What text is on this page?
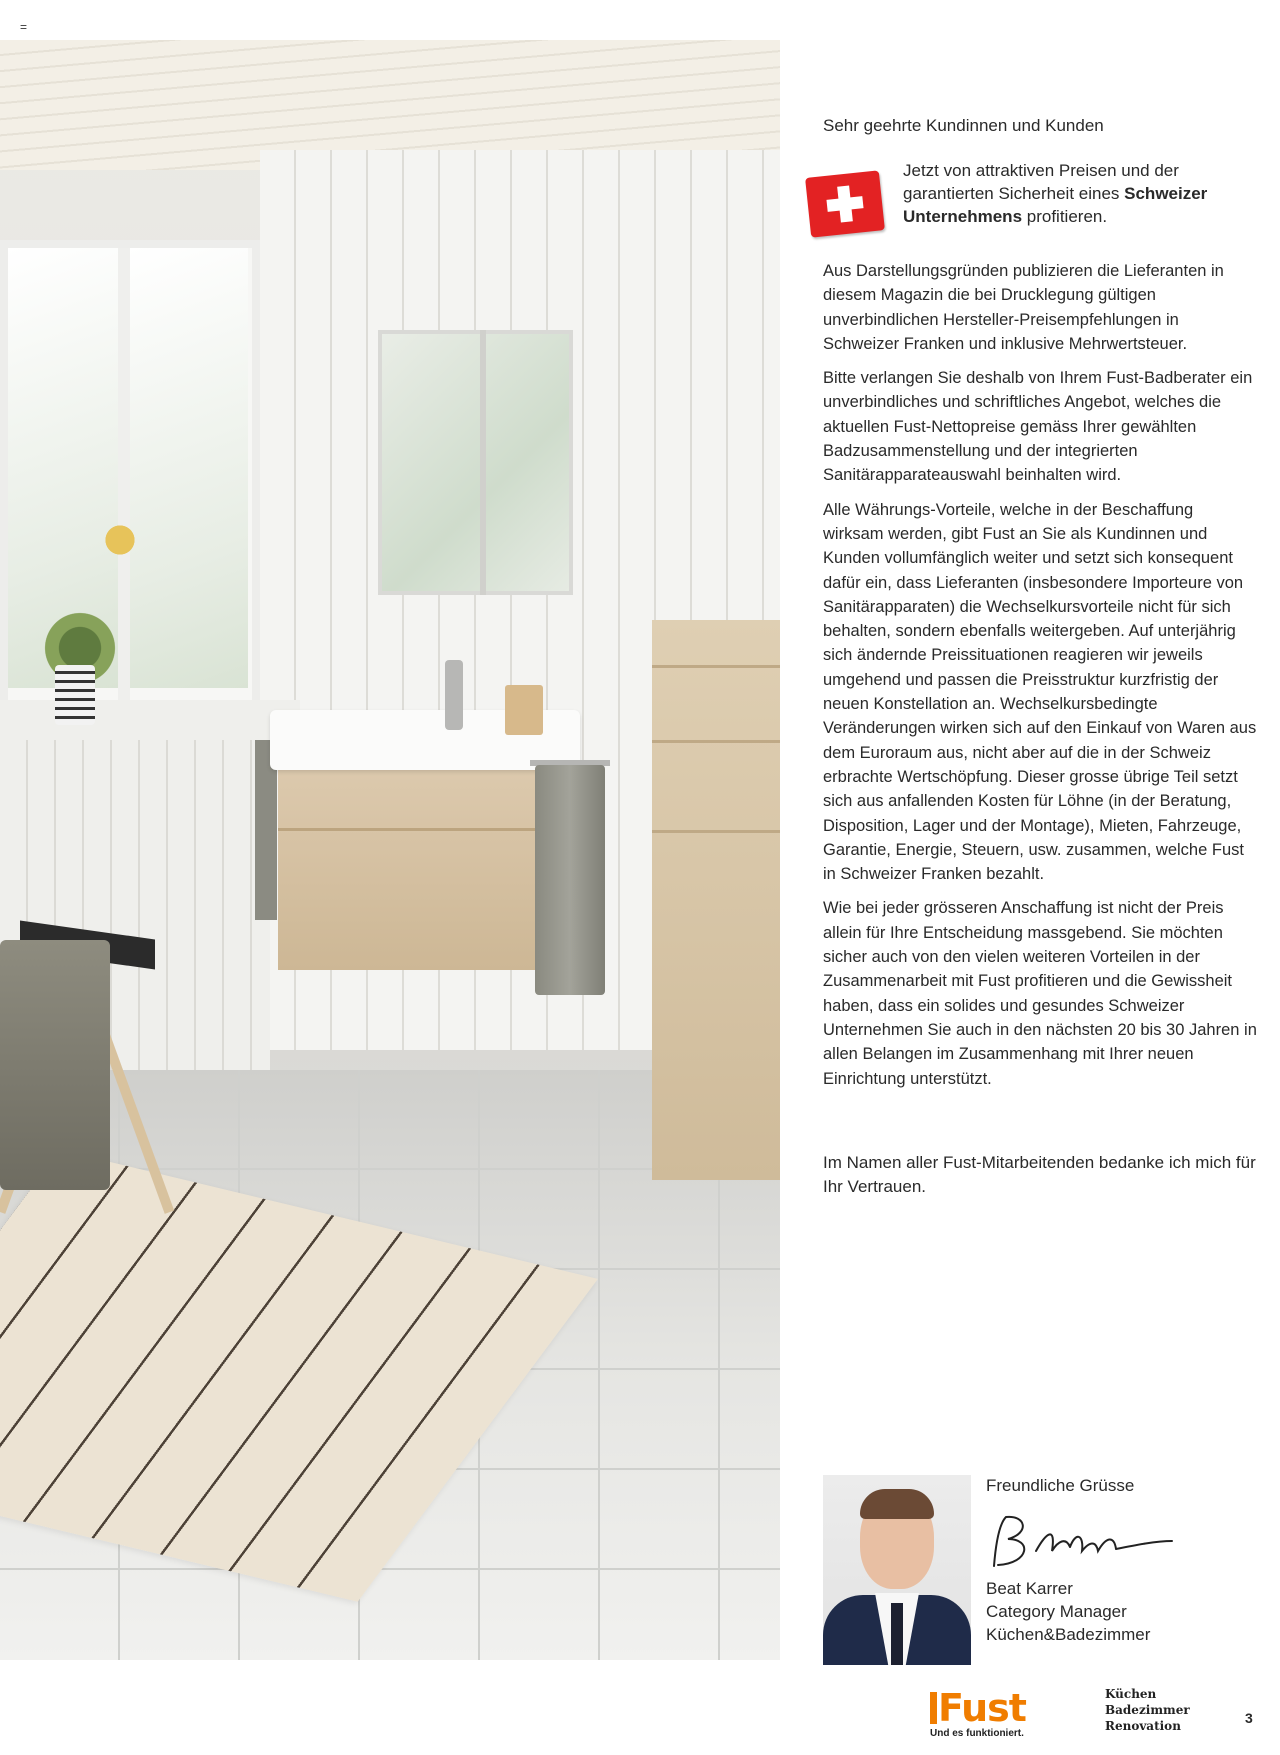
=

Sehr geehrte Kundinnen und Kunden

Jetzt von attraktiven Preisen und der garantierten Sicherheit eines Schweizer Unternehmens profitieren.

Aus Darstellungsgründen publizieren die Lieferanten in diesem Magazin die bei Drucklegung gültigen unverbindlichen Hersteller-Preisempfehlungen in Schweizer Franken und inklusive Mehrwertsteuer.

Bitte verlangen Sie deshalb von Ihrem Fust-Badberater ein unverbindliches und schriftliches Angebot, welches die aktuellen Fust-Nettopreise gemäss Ihrer gewählten Badzusammenstellung und der integrierten Sanitärapparateauswahl beinhalten wird.

Alle Währungs-Vorteile, welche in der Beschaffung wirksam werden, gibt Fust an Sie als Kundinnen und Kunden vollumfänglich weiter und setzt sich konsequent dafür ein, dass Lieferanten (insbesondere Importeure von Sanitärapparaten) die Wechselkursvorteile nicht für sich behalten, sondern ebenfalls weitergeben. Auf unterjährig sich ändernde Preissituationen reagieren wir jeweils umgehend und passen die Preisstruktur kurzfristig der neuen Konstellation an. Wechselkursbedingte Veränderungen wirken sich auf den Einkauf von Waren aus dem Euroraum aus, nicht aber auf die in der Schweiz erbrachte Wertschöpfung. Dieser grosse übrige Teil setzt sich aus anfallenden Kosten für Löhne (in der Beratung, Disposition, Lager und der Montage), Mieten, Fahrzeuge, Garantie, Energie, Steuern, usw. zusammen, welche Fust in Schweizer Franken bezahlt.

Wie bei jeder grösseren Anschaffung ist nicht der Preis allein für Ihre Entscheidung massgebend. Sie möchten sicher auch von den vielen weiteren Vorteilen in der Zusammenarbeit mit Fust profitieren und die Gewissheit haben, dass ein solides und gesundes Schweizer Unternehmen Sie auch in den nächsten 20 bis 30 Jahren in allen Belangen im Zusammenhang mit Ihrer neuen Einrichtung unterstützt.

Im Namen aller Fust-Mitarbeitenden bedanke ich mich für Ihr Vertrauen.

Freundliche Grüsse

Beat Karrer

Category Manager

Küchen&Badezimmer

Fust
Und es funktioniert.
Küchen
Badezimmer
Renovation	3
